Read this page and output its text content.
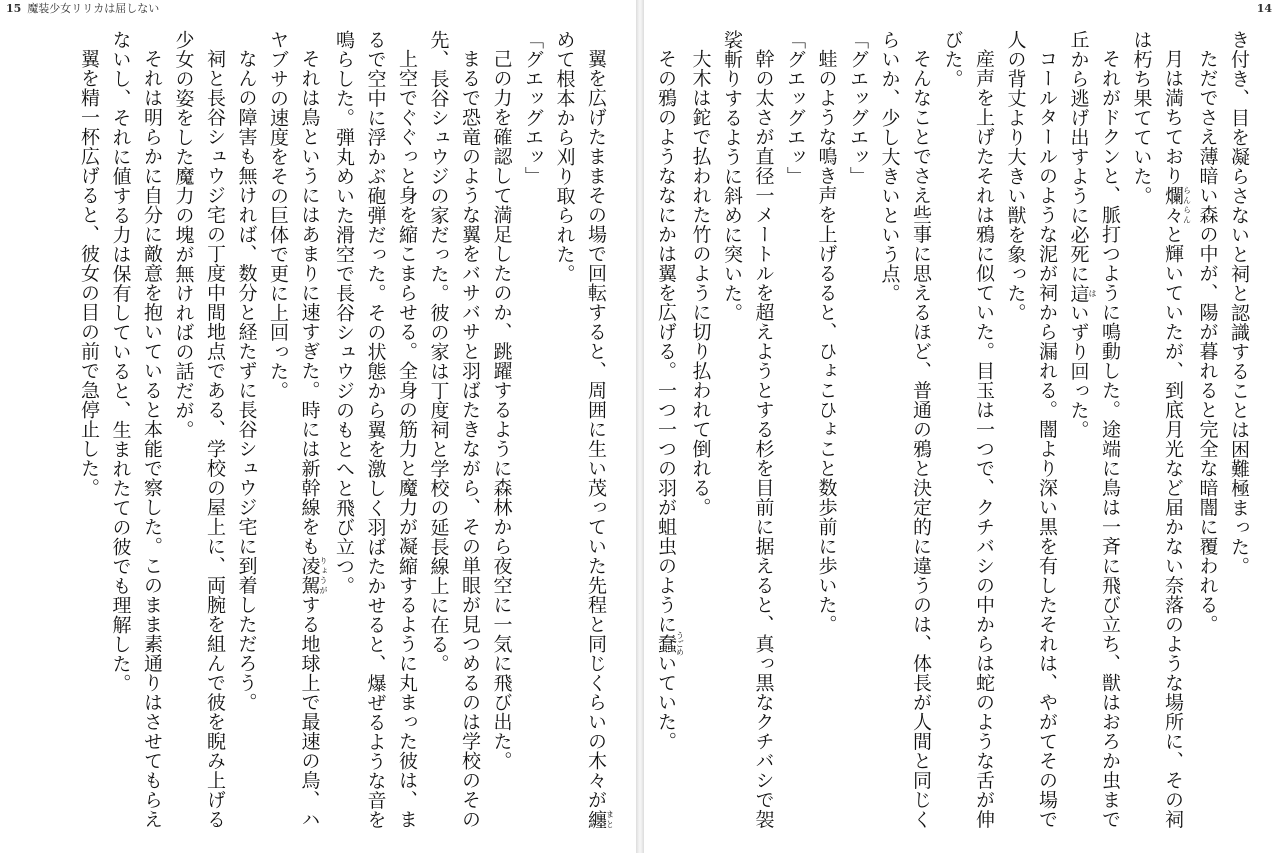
15 魔装少女リリカは屈しない

翼を広げたままその場で回転すると、周囲に生い茂っていた先程と同じくらいの木々が纏まとめて根本から刈り取られた。

「グエッグエッ」

己の力を確認して満足したのか、跳躍するように森林から夜空に一気に飛び出た。

まるで恐竜のような翼をバサバサと羽ばたきながら、その単眼が見つめるのは学校のその先、長谷シュウジの家だった。彼の家は丁度祠と学校の延長線上に在る。

上空でぐぐっと身を縮こまらせる。全身の筋力と魔力が凝縮するように丸まった彼は、まるで空中に浮かぶ砲弾だった。その状態から翼を激しく羽ばたかせると、爆ぜるような音を鳴らした。弾丸めいた滑空で長谷シュウジのもとへと飛び立つ。

それは鳥というにはあまりに速すぎた。時には新幹線をも凌駕りょうがする地球上で最速の鳥、ハヤブサの速度をその巨体で更に上回った。

なんの障害も無ければ、数分と経たずに長谷シュウジ宅に到着しただろう。

祠と長谷シュウジ宅の丁度中間地点である、学校の屋上に、両腕を組んで彼を睨み上げる少女の姿をした魔力の塊が無ければの話だが。

それは明らかに自分に敵意を抱いていると本能で察した。このまま素通りはさせてもらえないし、それに値する力は保有していると、生まれたての彼でも理解した。

翼を精一杯広げると、彼女の目の前で急停止した。

14

き付き、目を凝らさないと祠と認識することは困難極まった。

ただでさえ薄暗い森の中が、陽が暮れると完全な暗闇に覆われる。

月は満ちており爛々らんらんと輝いていたが、到底月光など届かない奈落のような場所に、その祠は朽ち果てていた。

それがドクンと、脈打つように鳴動した。途端に鳥は一斉に飛び立ち、獣はおろか虫まで丘から逃げ出すように必死に這はいずり回った。

コールタールのような泥が祠から漏れる。闇より深い黒を有したそれは、やがてその場で人の背丈より大きい獣を象った。

産声を上げたそれは鴉に似ていた。目玉は一つで、クチバシの中からは蛇のような舌が伸びた。

そんなことでさえ些事に思えるほど、普通の鴉と決定的に違うのは、体長が人間と同じくらいか、少し大きいという点。

「グエッグエッ」

蛙のような鳴き声を上げるると、ひょこひょこと数歩前に歩いた。

「グエッグエッ」

幹の太さが直径一メートルを超えようとする杉を目前に据えると、真っ黒なクチバシで袈裟斬りするように斜めに突いた。

大木は鉈で払われた竹のように切り払われて倒れる。

その鴉のようななにかは翼を広げる。一つ一つの羽が蛆虫のように蠢うごめいていた。
